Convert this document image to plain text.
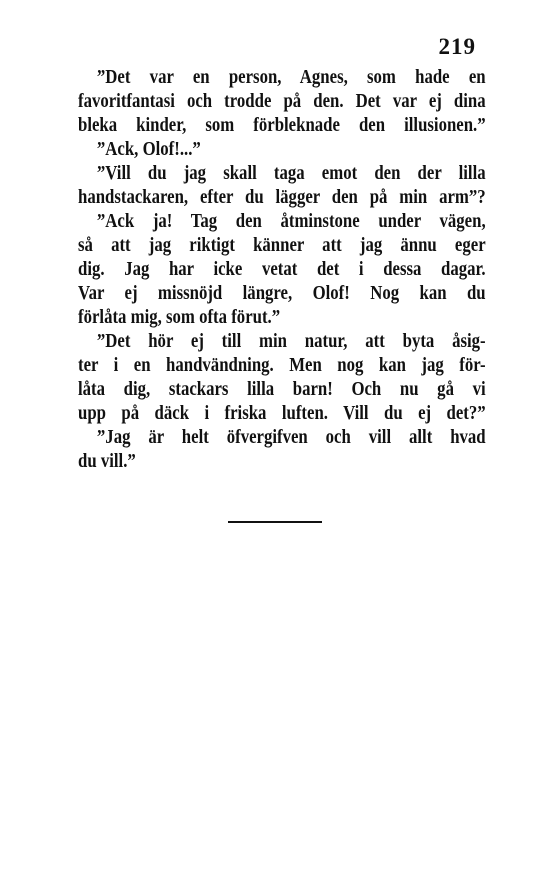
219
”Det var en person, Agnes, som hade en
favoritfantasi och trodde på den. Det var ej dina
bleka kinder, som förbleknade den illusionen.”
”Ack, Olof!...”
”Vill du jag skall taga emot den der lilla
handstackaren, efter du lägger den på min arm”?
”Ack ja! Tag den åtminstone under vägen,
så att jag riktigt känner att jag ännu eger
dig. Jag har icke vetat det i dessa dagar.
Var ej missnöjd längre, Olof! Nog kan du
förlåta mig, som ofta förut.”
”Det hör ej till min natur, att byta åsig-
ter i en handvändning. Men nog kan jag för-
låta dig, stackars lilla barn! Och nu gå vi
upp på däck i friska luften. Vill du ej det?”
”Jag är helt öfvergifven och vill allt hvad
du vill.”
